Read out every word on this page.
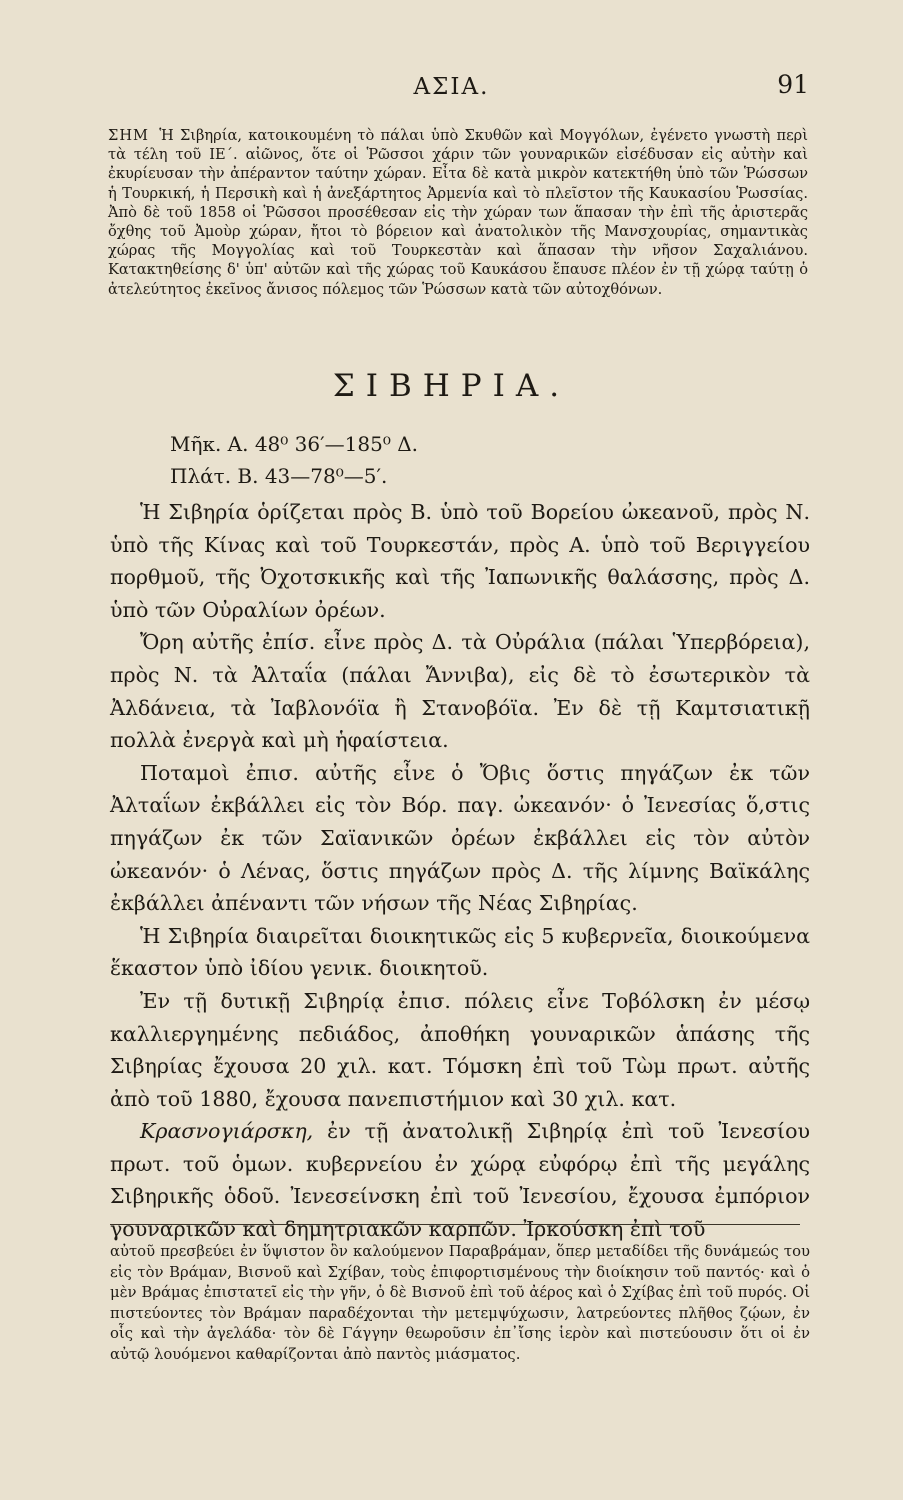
ΑΣΙΑ.	91
ΣΗΜ Ἡ Σιβηρία, κατοικουμένη τὸ πάλαι ὑπὸ Σκυθῶν καὶ Μογγόλων, ἐγένετο γνωστὴ περὶ τὰ τέλη τοῦ ΙΕ΄. αἰῶνος, ὅτε οἱ Ῥῶσσοι χάριν τῶν γουναρικῶν εἰσέδυσαν εἰς αὐτὴν καὶ ἐκυρίευσαν τὴν ἀπέραντον ταύτην χώραν. Εἶτα δὲ κατὰ μικρὸν κατεκτήθη ὑπὸ τῶν Ῥώσσων ἡ Τουρκική, ἡ Περσικὴ καὶ ἡ ἀνεξάρτητος Ἀρμενία καὶ τὸ πλεῖστον τῆς Καυκασίου Ῥωσσίας. Ἀπὸ δὲ τοῦ 1858 οἱ Ῥῶσσοι προσέθεσαν εἰς τὴν χώραν των ἅπασαν τὴν ἐπὶ τῆς ἀριστερᾶς ὄχθης τοῦ Ἀμοὺρ χώραν, ἤτοι τὸ βόρειον καὶ ἀνατολικὸν τῆς Μανσχουρίας, σημαντικὰς χώρας τῆς Μογγολίας καὶ τοῦ Τουρκεστὰν καὶ ἅπασαν τὴν νῆσον Σαχαλιάνου. Κατακτηθείσης δ' ὑπ' αὐτῶν καὶ τῆς χώρας τοῦ Καυκάσου ἔπαυσε πλέον ἐν τῇ χώρᾳ ταύτῃ ὁ ἀτελεύτητος ἐκεῖνος ἄνισος πόλεμος τῶν Ῥώσσων κατὰ τῶν αὐτοχθόνων.
ΣΙΒΗΡΙΑ.
Μῆκ. Α. 48⁰ 36′—185⁰ Δ.
Πλάτ. Β. 43—78⁰—5′.

Ἡ Σιβηρία ὁρίζεται πρὸς Β. ὑπὸ τοῦ Βορείου ὠκεανοῦ, πρὸς Ν. ὑπὸ τῆς Κίνας καὶ τοῦ Τουρκεστάν, πρὸς Α. ὑπὸ τοῦ Βεριγγείου πορθμοῦ, τῆς Ὀχοτσκικῆς καὶ τῆς Ἰαπωνικῆς θαλάσσης, πρὸς Δ. ὑπὸ τῶν Οὐραλίων ὀρέων.

Ὄρη αὐτῆς ἐπίσ. εἶνε πρὸς Δ. τὰ Οὐράλια (πάλαι Ὑπερβόρεια), πρὸς Ν. τὰ Ἀλταΐα (πάλαι Ἄννιβα), εἰς δὲ τὸ ἐσωτερικὸν τὰ Ἀλδάνεια, τὰ Ἰαβλονόϊα ἢ Στανοβόϊα. Ἐν δὲ τῇ Καμτσιατικῇ πολλὰ ἐνεργὰ καὶ μὴ ἡφαίστεια.

Ποταμοὶ ἐπισ. αὐτῆς εἶνε ὁ Ὄβις ὅστις πηγάζων ἐκ τῶν Ἀλταΐων ἐκβάλλει εἰς τὸν Βόρ. παγ. ὠκεανόν· ὁ Ἰενεσίας ὅ,στις πηγάζων ἐκ τῶν Σαϊανικῶν ὀρέων ἐκβάλλει εἰς τὸν αὐτὸν ὠκεανόν· ὁ Λένας, ὅστις πηγάζων πρὸς Δ. τῆς λίμνης Βαϊκάλης ἐκβάλλει ἀπέναντι τῶν νήσων τῆς Νέας Σιβηρίας.

Ἡ Σιβηρία διαιρεῖται διοικητικῶς εἰς 5 κυβερνεῖα, διοικούμενα ἕκαστον ὑπὸ ἰδίου γενικ. διοικητοῦ.

Ἐν τῇ δυτικῇ Σιβηρίᾳ ἐπισ. πόλεις εἶνε Τοβόλσκη ἐν μέσῳ καλλιεργημένης πεδιάδος, ἀποθήκη γουναρικῶν ἁπάσης τῆς Σιβηρίας ἔχουσα 20 χιλ. κατ. Τόμσκη ἐπὶ τοῦ Τὼμ πρωτ. αὐτῆς ἀπὸ τοῦ 1880, ἔχουσα πανεπιστήμιον καὶ 30 χιλ. κατ.

Κρασνογιάρσκη, ἐν τῇ ἀνατολικῇ Σιβηρίᾳ ἐπὶ τοῦ Ἰενεσίου πρωτ. τοῦ ὁμων. κυβερνείου ἐν χώρᾳ εὐφόρῳ ἐπὶ τῆς μεγάλης Σιβηρικῆς ὁδοῦ. Ἰενεσείνσκη ἐπὶ τοῦ Ἰενεσίου, ἔχουσα ἐμπόριον γουναρικῶν καὶ δημητριακῶν καρπῶν. Ἰρκούσκη ἐπὶ τοῦ

αὐτοῦ πρεσβεύει ἐν ὕψιστον ὂν καλούμενον Παραβράμαν, ὅπερ μεταδίδει τῆς δυνάμεώς του εἰς τὸν Βράμαν, Βισνοῦ καὶ Σχίβαν, τοὺς ἐπιφορτισμένους τὴν διοίκησιν τοῦ παντός· καὶ ὁ μὲν Βράμας ἐπιστατεῖ εἰς τὴν γῆν, ὁ δὲ Βισνοῦ ἐπὶ τοῦ ἀέρος καὶ ὁ Σχίβας ἐπὶ τοῦ πυρός. Οἱ πιστεύοντες τὸν Βράμαν παραδέχονται τὴν μετεμψύχωσιν, λατρεύοντες πλῆθος ζῴων, ἐν οἷς καὶ τὴν ἀγελάδα· τὸν δὲ Γάγγην θεωροῦσιν ἐπ᾿ἴσης ἱερὸν καὶ πιστεύουσιν ὅτι οἱ ἐν αὐτῷ λουόμενοι καθαρίζονται ἀπὸ παντὸς μιάσματος.
